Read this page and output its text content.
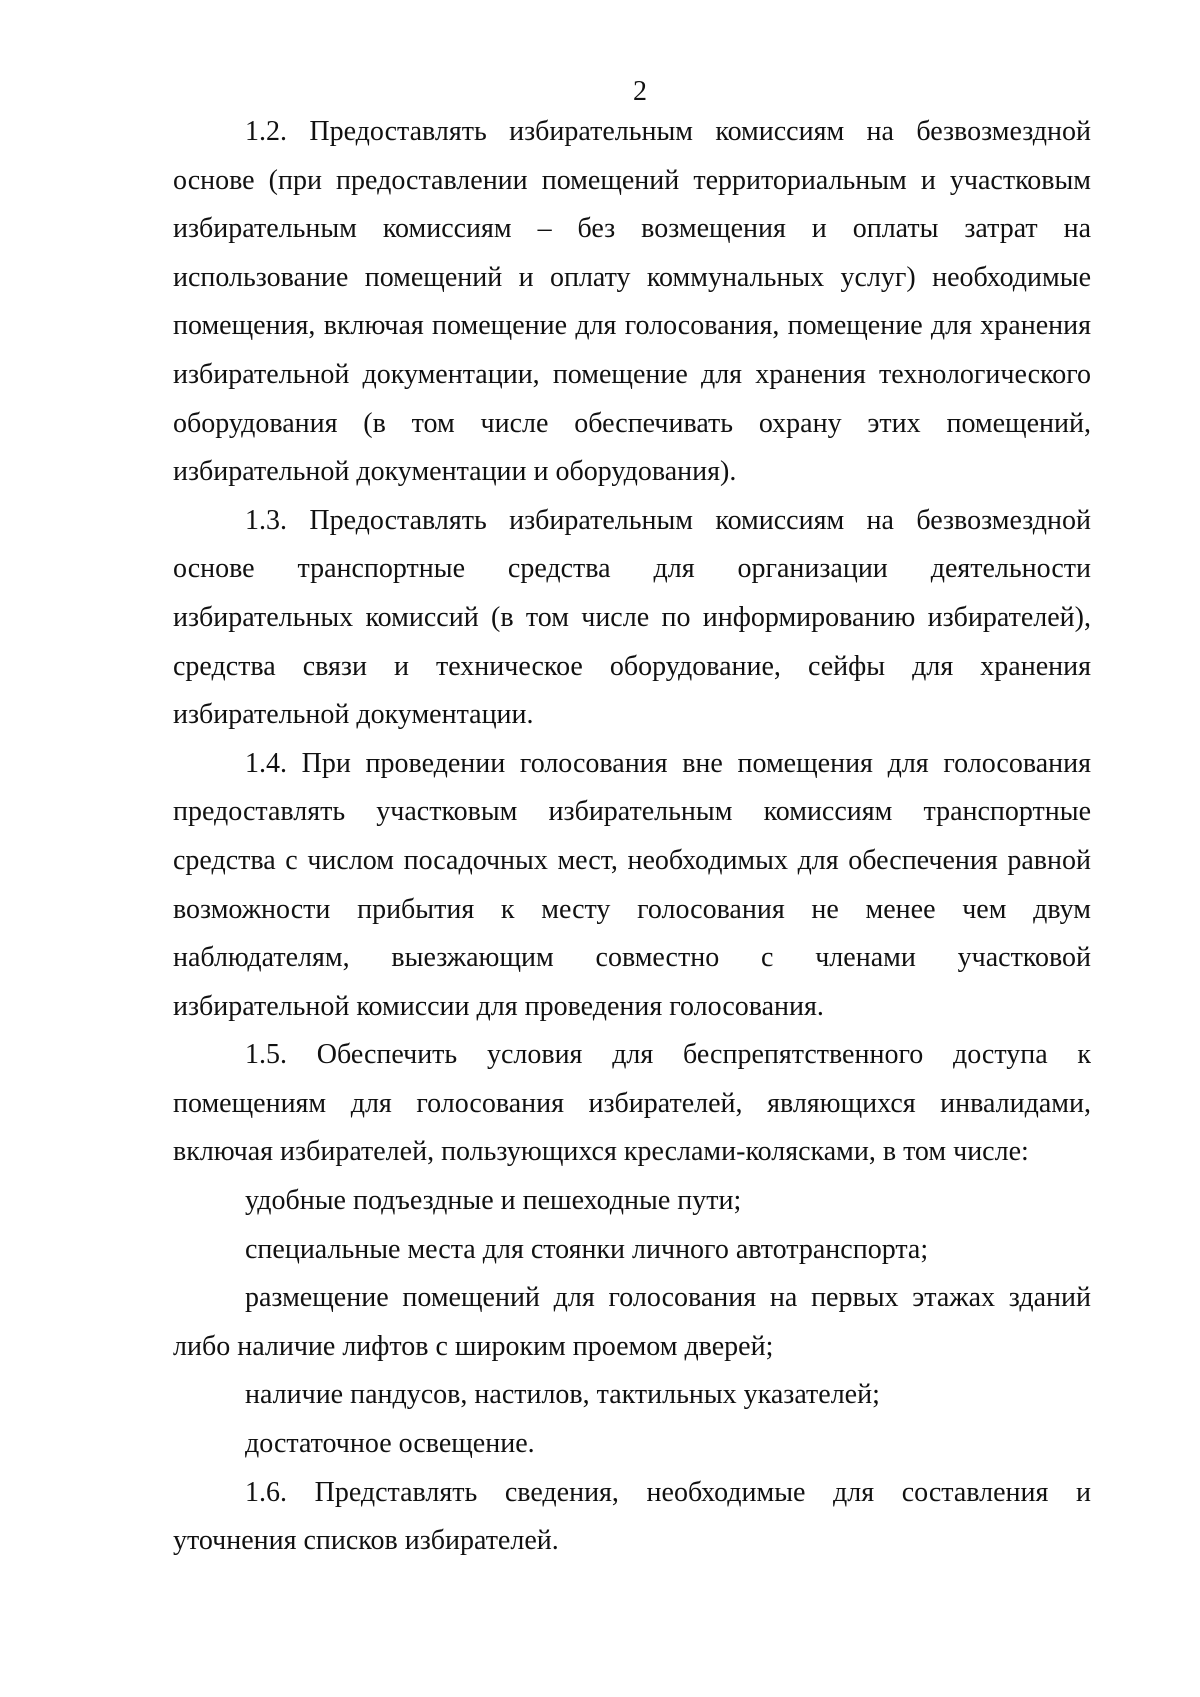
2

1.2. Предоставлять избирательным комиссиям на безвозмездной основе (при предоставлении помещений территориальным и участковым избирательным комиссиям – без возмещения и оплаты затрат на использование помещений и оплату коммунальных услуг) необходимые помещения, включая помещение для голосования, помещение для хранения избирательной документации, помещение для хранения технологического оборудования (в том числе обеспечивать охрану этих помещений, избирательной документации и оборудования).

1.3. Предоставлять избирательным комиссиям на безвозмездной основе транспортные средства для организации деятельности избирательных комиссий (в том числе по информированию избирателей), средства связи и техническое оборудование, сейфы для хранения избирательной документации.

1.4. При проведении голосования вне помещения для голосования предоставлять участковым избирательным комиссиям транспортные средства с числом посадочных мест, необходимых для обеспечения равной возможности прибытия к месту голосования не менее чем двум наблюдателям, выезжающим совместно с членами участковой избирательной комиссии для проведения голосования.

1.5. Обеспечить условия для беспрепятственного доступа к помещениям для голосования избирателей, являющихся инвалидами, включая избирателей, пользующихся креслами-колясками, в том числе:

удобные подъездные и пешеходные пути;

специальные места для стоянки личного автотранспорта;

размещение помещений для голосования на первых этажах зданий либо наличие лифтов с широким проемом дверей;

наличие пандусов, настилов, тактильных указателей;

достаточное освещение.

1.6. Представлять сведения, необходимые для составления и уточнения списков избирателей.
